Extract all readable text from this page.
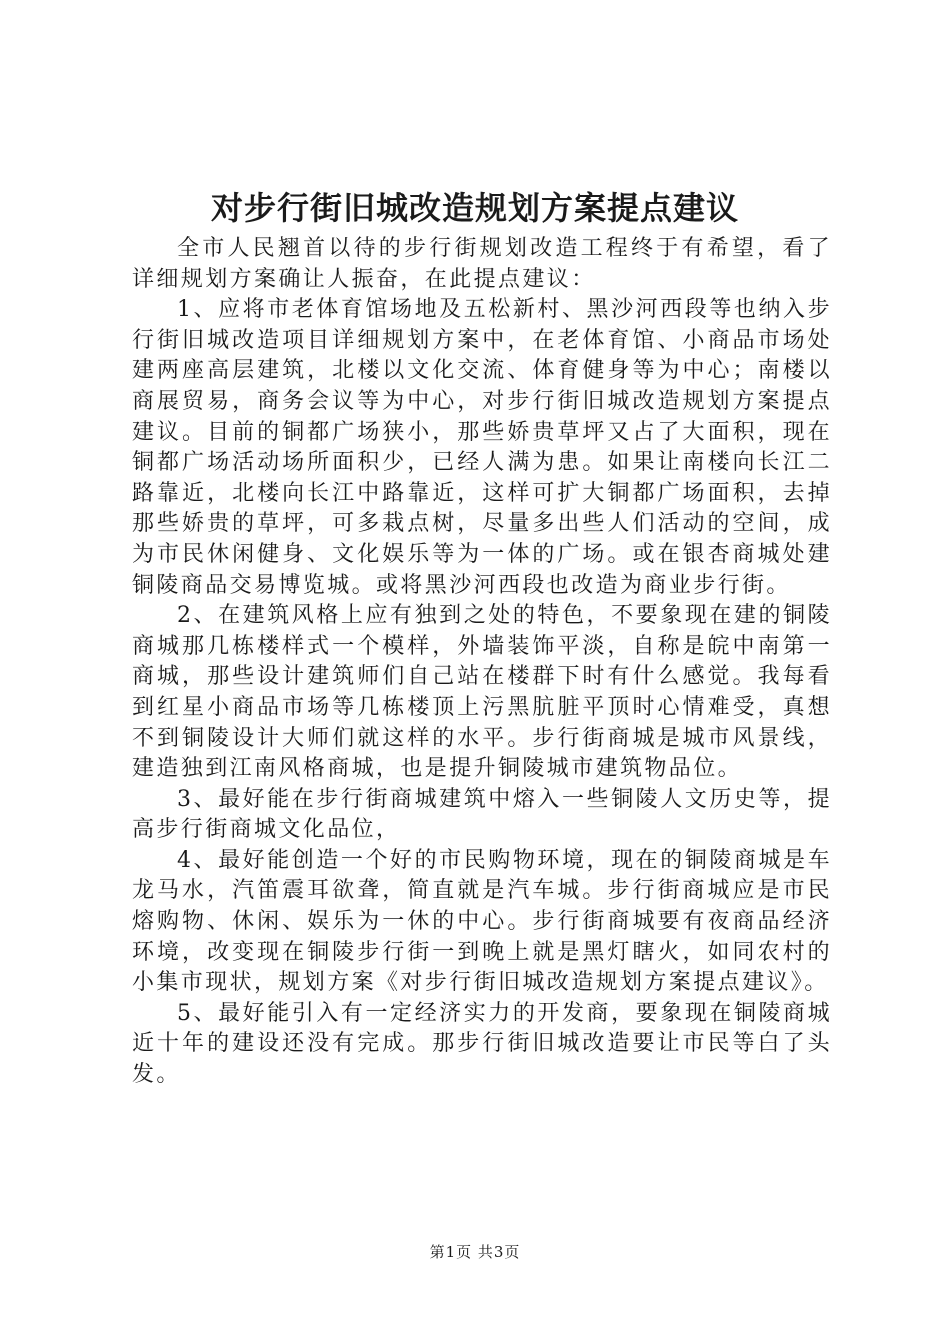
对步行街旧城改造规划方案提点建议

全市人民翘首以待的步行街规划改造工程终于有希望，看了详细规划方案确让人振奋，在此提点建议：

1、应将市老体育馆场地及五松新村、黑沙河西段等也纳入步行街旧城改造项目详细规划方案中，在老体育馆、小商品市场处建两座高层建筑，北楼以文化交流、体育健身等为中心；南楼以商展贸易，商务会议等为中心，对步行街旧城改造规划方案提点建议。目前的铜都广场狭小，那些娇贵草坪又占了大面积，现在铜都广场活动场所面积少，已经人满为患。如果让南楼向长江二路靠近，北楼向长江中路靠近，这样可扩大铜都广场面积，去掉那些娇贵的草坪，可多栽点树，尽量多出些人们活动的空间，成为市民休闲健身、文化娱乐等为一体的广场。或在银杏商城处建铜陵商品交易博览城。或将黑沙河西段也改造为商业步行街。

2、在建筑风格上应有独到之处的特色，不要象现在建的铜陵商城那几栋楼样式一个模样，外墙装饰平淡，自称是皖中南第一商城，那些设计建筑师们自己站在楼群下时有什么感觉。我每看到红星小商品市场等几栋楼顶上污黑肮脏平顶时心情难受，真想不到铜陵设计大师们就这样的水平。步行街商城是城市风景线，建造独到江南风格商城，也是提升铜陵城市建筑物品位。

3、最好能在步行街商城建筑中熔入一些铜陵人文历史等，提高步行街商城文化品位，

4、最好能创造一个好的市民购物环境，现在的铜陵商城是车龙马水，汽笛震耳欲聋，简直就是汽车城。步行街商城应是市民熔购物、休闲、娱乐为一休的中心。步行街商城要有夜商品经济环境，改变现在铜陵步行街一到晚上就是黑灯瞎火，如同农村的小集市现状，规划方案《对步行街旧城改造规划方案提点建议》。

5、最好能引入有一定经济实力的开发商，要象现在铜陵商城近十年的建设还没有完成。那步行街旧城改造要让市民等白了头发。

第1页 共3页
